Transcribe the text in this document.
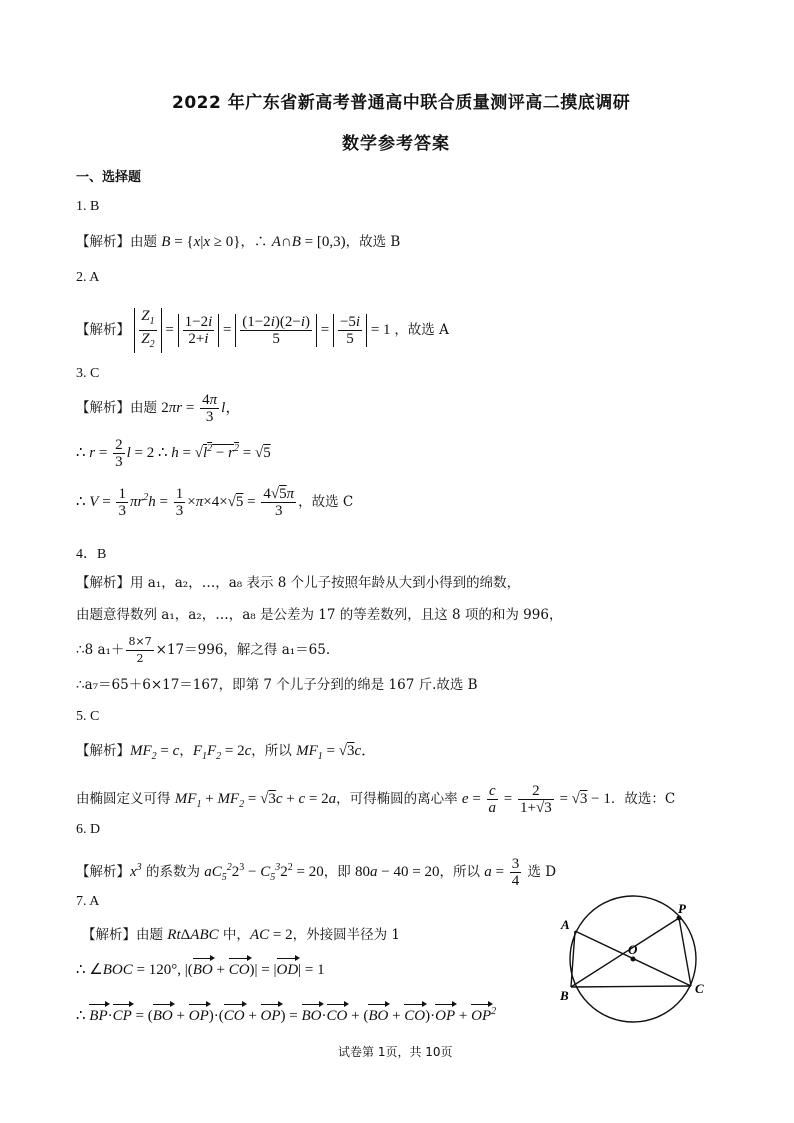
2022 年广东省新高考普通高中联合质量测评高二摸底调研
数学参考答案
一、选择题
1. B
【解析】由题 B = {x|x ≥ 0}，∴ A∩B = [0,3)，故选 B
2. A
【解析】 $\frac{Z_1}{Z_2} = \frac{1-2i}{2+i} = \frac{(1-2i)(2-i)}{5} = \frac{-5i}{5} = 1$ ，故选 A
3. C
【解析】由题 $2\pi r = \frac{4\pi}{3}$ l，
∴ $r = \frac{2}{3}$ l = 2 ∴ $h = √l^2 - r^2 = √5$
∴ $V = \frac{1}{3} \pi r^2h = \frac{1}{3} \times\pi\times 4\times√5 = \frac{4√5\pi}{3}$ ，故选 C
4．B
【解析】用 a₁，a₂，…，a₈ 表示 8 个儿子按照年龄从大到小得到的绵数，
由题意得数列 a₁，a₂，…，a₈ 是公差为 17 的等差数列，且这 8 项的和为 996，
∴8 $a_1+ \frac{8\times 7}{2} \times 17=996$，解之得 a₁＝65.
∴a₇＝65＋6×17＝167，即第 7 个儿子分到的绵是 167 斤.故选 B
5. C
【解析】$MF_2 = c$，$F_1F_2 = 2c$，所以 $MF_1 = √3c$．
由椭圆定义可得 $MF_1 + MF_2 = √3c + c = 2a$，可得椭圆的离心率 $e = \frac{c}{a} = \frac{2}{1+√3} = √3 - 1$．故选：C
6. D
【解析】$x^3$ 的系数为 $aC_5^22^3 - C_5^32^2 = 20$，即 80a − 40 = 20，所以 $a = \frac{3}{4}$ 选 D
7. A
【解析】由题 RtΔABC 中，AC = 2，外接圆半径为 1
∴ ∠BOC = 120°, |(BO + CO)| = |OD| = 1
∴ $BP\cdot CP = (BO + OP)\cdot(CO + OP) = BO\cdot CO + (BO + CO)\cdot OP + OP^2$
A
B	C
O
P
试卷第 1页，共 10页
